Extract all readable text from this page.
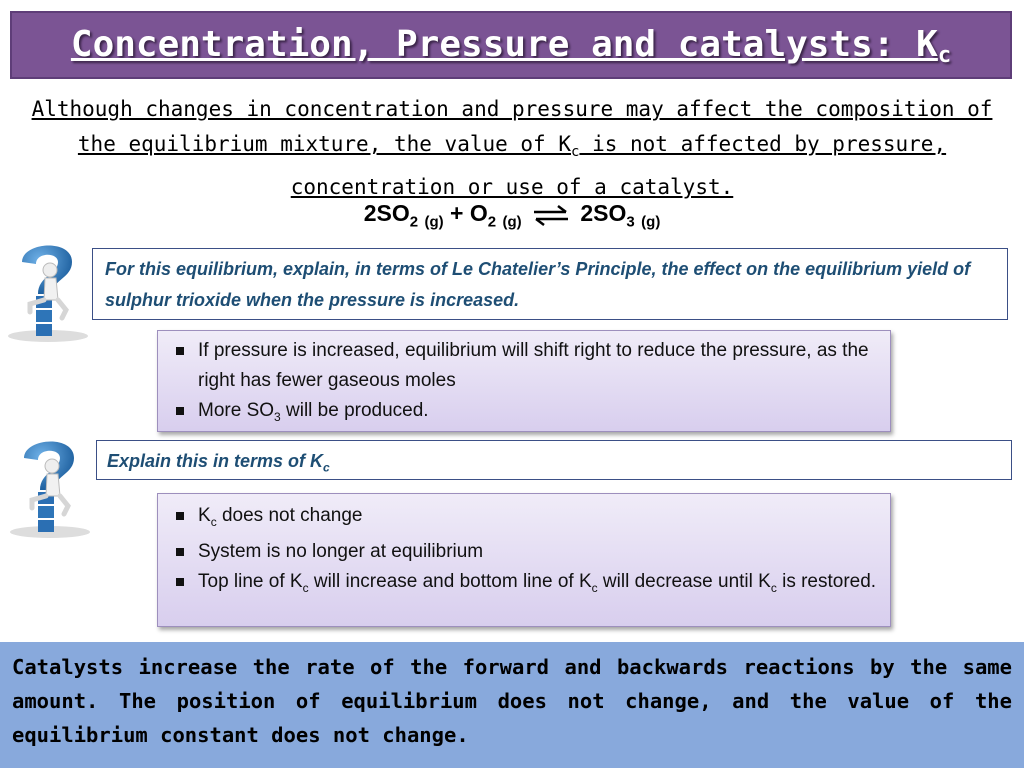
Concentration, Pressure and catalysts: $K_c$
Although changes in concentration and pressure may affect the composition of the equilibrium mixture, the value of $K_c$ is not affected by pressure, concentration or use of a catalyst.
$2SO_2$ $_{(g)} + O_2$ $_{(g)}$ ⇌ $2SO_3$ $_{(g)}$
For this equilibrium, explain, in terms of Le Chatelier’s Principle, the effect on the equilibrium yield of sulphur trioxide when the pressure is increased.
If pressure is increased, equilibrium will shift right to reduce the pressure, as the right has fewer gaseous moles
More $SO_3$ will be produced.
Explain this in terms of $K_c$
$K_c$ does not change
System is no longer at equilibrium
Top line of $K_c$ will increase and bottom line of $K_c$ will decrease until $K_c$ is restored.
Catalysts increase the rate of the forward and backwards reactions by the same amount. The position of equilibrium does not change, and the value of the equilibrium constant does not change.
